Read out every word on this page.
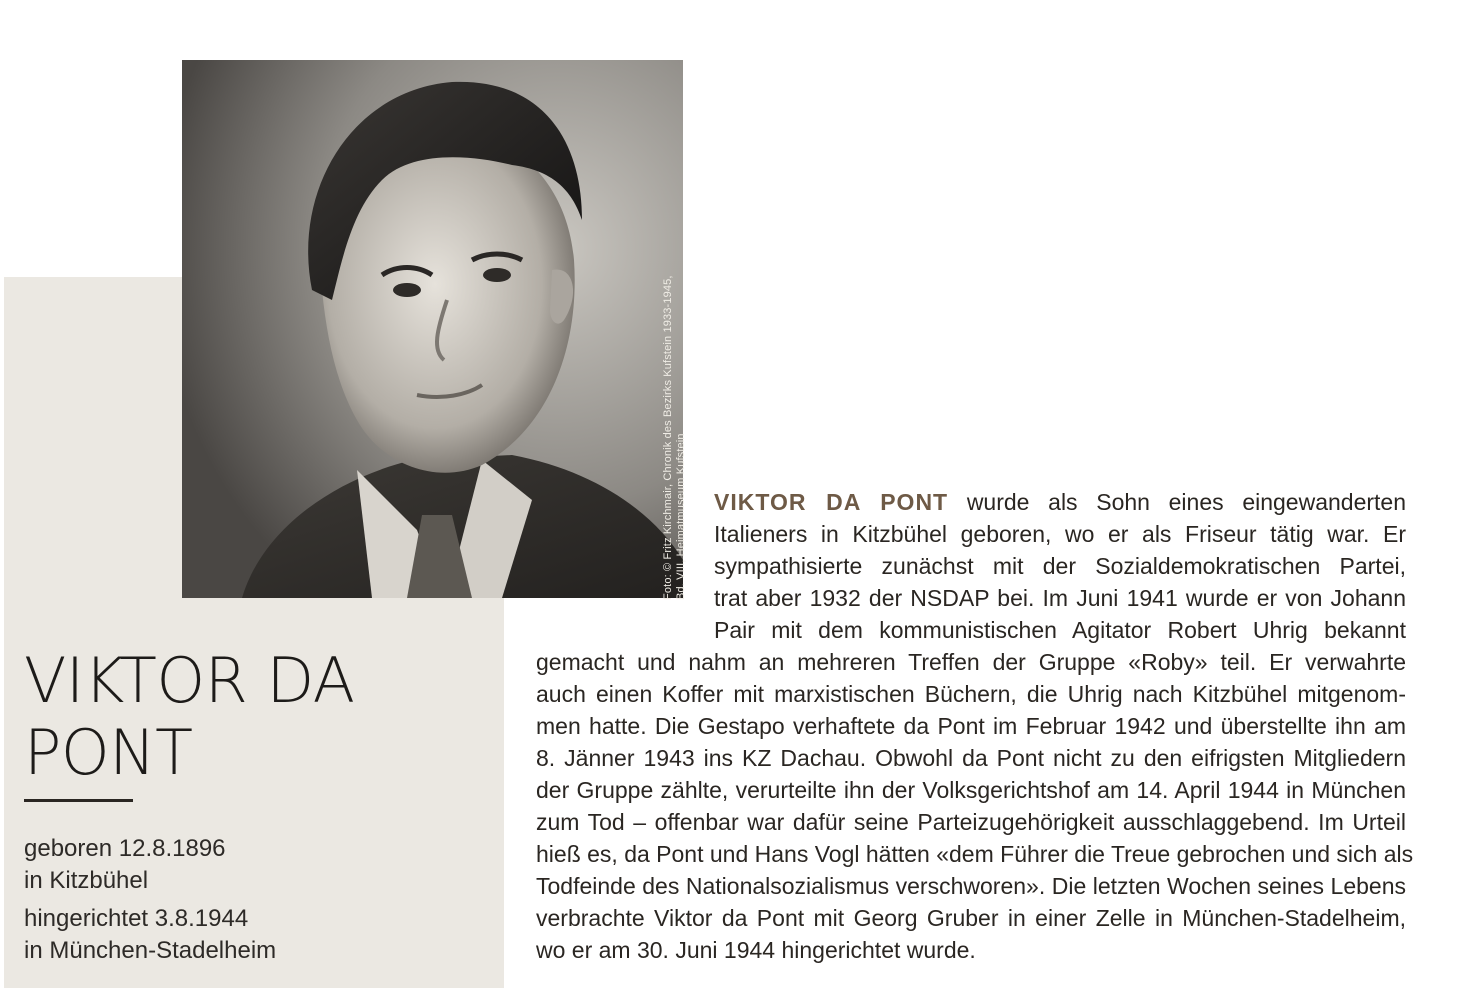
Foto: © Fritz Kirchmair, Chronik des Bezirks Kufstein 1933-1945, Bd. VIII, Heimatmuseum Kufstein
VIKTOR DA
PONT
geboren 12.8.1896
in Kitzbühel
hingerichtet 3.8.1944
in München-Stadelheim
VIKTOR DA PONT wurde als Sohn eines eingewanderten
Italieners in Kitzbühel geboren, wo er als Friseur tätig war. Er
sympathisierte zunächst mit der Sozialdemokratischen Partei,
trat aber 1932 der NSDAP bei. Im Juni 1941 wurde er von Johann
Pair mit dem kommunistischen Agitator Robert Uhrig bekannt
gemacht und nahm an mehreren Treffen der Gruppe «Roby» teil. Er verwahrte
auch einen Koffer mit marxistischen Büchern, die Uhrig nach Kitzbühel mitgenom-
men hatte. Die Gestapo verhaftete da Pont im Februar 1942 und überstellte ihn am
8. Jänner 1943 ins KZ Dachau. Obwohl da Pont nicht zu den eifrigsten Mitgliedern
der Gruppe zählte, verurteilte ihn der Volksgerichtshof am 14. April 1944 in München
zum Tod – offenbar war dafür seine Parteizugehörigkeit ausschlaggebend. Im Urteil
hieß es, da Pont und Hans Vogl hätten «dem Führer die Treue gebrochen und sich als
Todfeinde des Nationalsozialismus verschworen». Die letzten Wochen seines Lebens
verbrachte Viktor da Pont mit Georg Gruber in einer Zelle in München-Stadelheim,
wo er am 30. Juni 1944 hingerichtet wurde.
